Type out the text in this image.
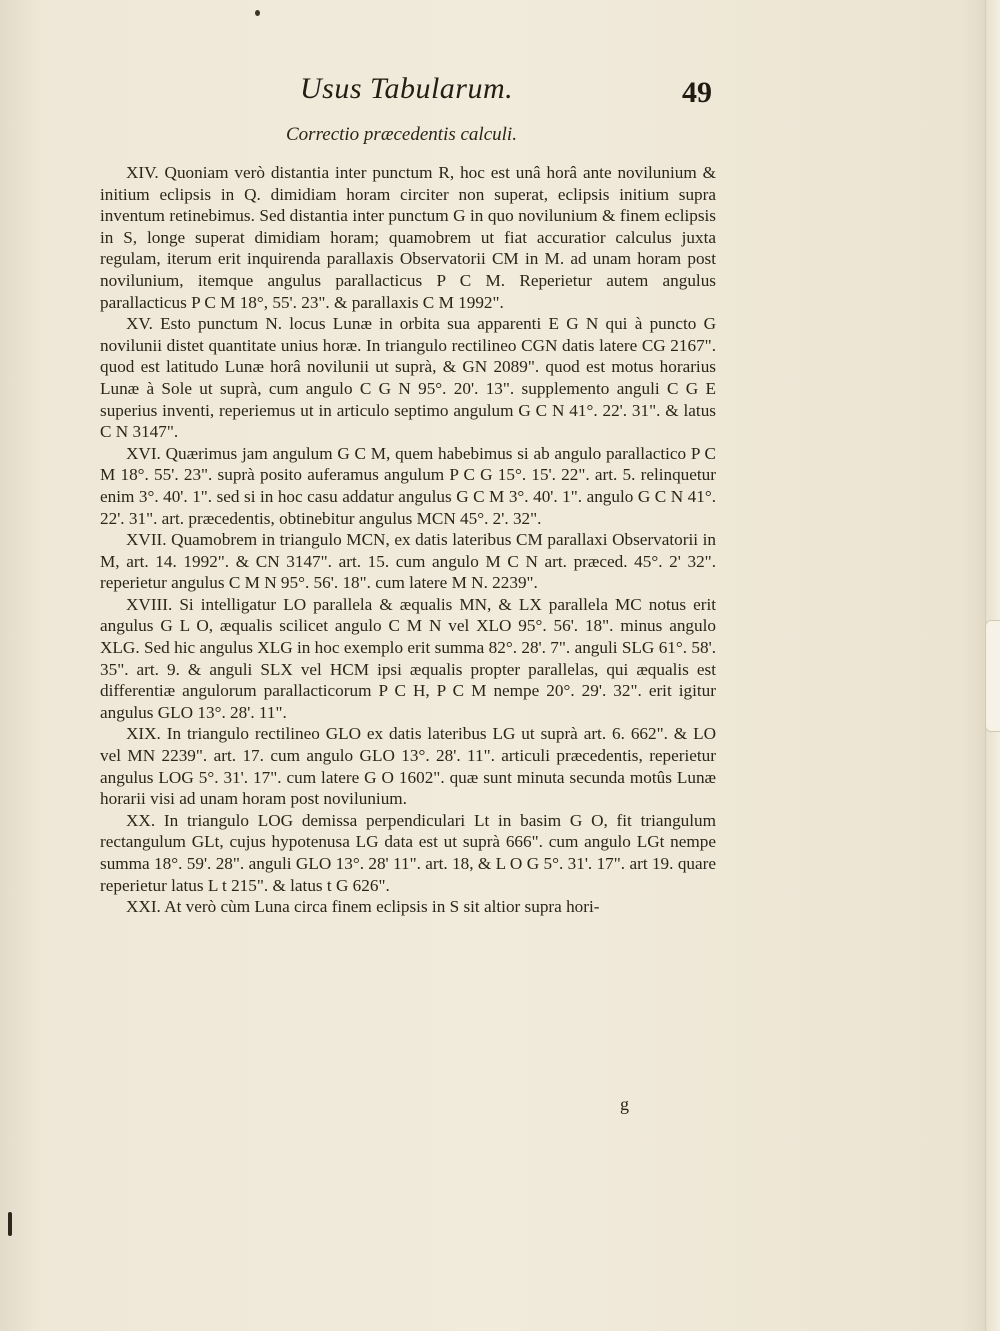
Usus Tabularum.	49
Correctio præcedentis calculi.

XIV. Quoniam verò distantia inter punctum R, hoc est unâ horâ ante novilunium & initium eclipsis in Q. dimidiam horam circiter non superat, eclipsis initium supra inventum retinebimus. Sed distantia inter punctum G in quo novilunium & finem eclipsis in S, longe superat dimidiam horam; quamobrem ut fiat accuratior calculus juxta regulam, iterum erit inquirenda parallaxis Observatorii CM in M. ad unam horam post novilunium, itemque angulus parallacticus P C M. Reperietur autem angulus parallacticus P C M 18°, 55'. 23". & parallaxis C M 1992".

XV. Esto punctum N. locus Lunæ in orbita sua apparenti E G N qui à puncto G novilunii distet quantitate unius horæ. In triangulo rectilineo CGN datis latere CG 2167". quod est latitudo Lunæ horâ novilunii ut suprà, & GN 2089". quod est motus horarius Lunæ à Sole ut suprà, cum angulo C G N 95°. 20'. 13". supplemento anguli C G E superius inventi, reperiemus ut in articulo septimo angulum G C N 41°. 22'. 31". & latus C N 3147".

XVI. Quærimus jam angulum G C M, quem habebimus si ab angulo parallactico P C M 18°. 55'. 23". suprà posito auferamus angulum P C G 15°. 15'. 22". art. 5. relinquetur enim 3°. 40'. 1". sed si in hoc casu addatur angulus G C M 3°. 40'. 1". angulo G C N 41°. 22'. 31". art. præcedentis, obtinebitur angulus MCN 45°. 2'. 32".

XVII. Quamobrem in triangulo MCN, ex datis lateribus CM parallaxi Observatorii in M, art. 14. 1992". & CN 3147". art. 15. cum angulo M C N art. præced. 45°. 2' 32". reperietur angulus C M N 95°. 56'. 18". cum latere M N. 2239".

XVIII. Si intelligatur LO parallela & æqualis MN, & LX parallela MC notus erit angulus G L O, æqualis scilicet angulo C M N vel XLO 95°. 56'. 18". minus angulo XLG. Sed hic angulus XLG in hoc exemplo erit summa 82°. 28'. 7". anguli SLG 61°. 58'. 35". art. 9. & anguli SLX vel HCM ipsi æqualis propter parallelas, qui æqualis est differentiæ angulorum parallacticorum P C H, P C M nempe 20°. 29'. 32". erit igitur angulus GLO 13°. 28'. 11".

XIX. In triangulo rectilineo GLO ex datis lateribus LG ut suprà art. 6. 662". & LO vel MN 2239". art. 17. cum angulo GLO 13°. 28'. 11". articuli præcedentis, reperietur angulus LOG 5°. 31'. 17". cum latere G O 1602". quæ sunt minuta secunda motûs Lunæ horarii visi ad unam horam post novilunium.

XX. In triangulo LOG demissa perpendiculari Lt in basim G O, fit triangulum rectangulum GLt, cujus hypotenusa LG data est ut suprà 666". cum angulo LGt nempe summa 18°. 59'. 28". anguli GLO 13°. 28' 11". art. 18, & L O G 5°. 31'. 17". art 19. quare reperietur latus L t 215". & latus t G 626".

XXI. At verò cùm Luna circa finem eclipsis in S sit altior supra hori-

g
